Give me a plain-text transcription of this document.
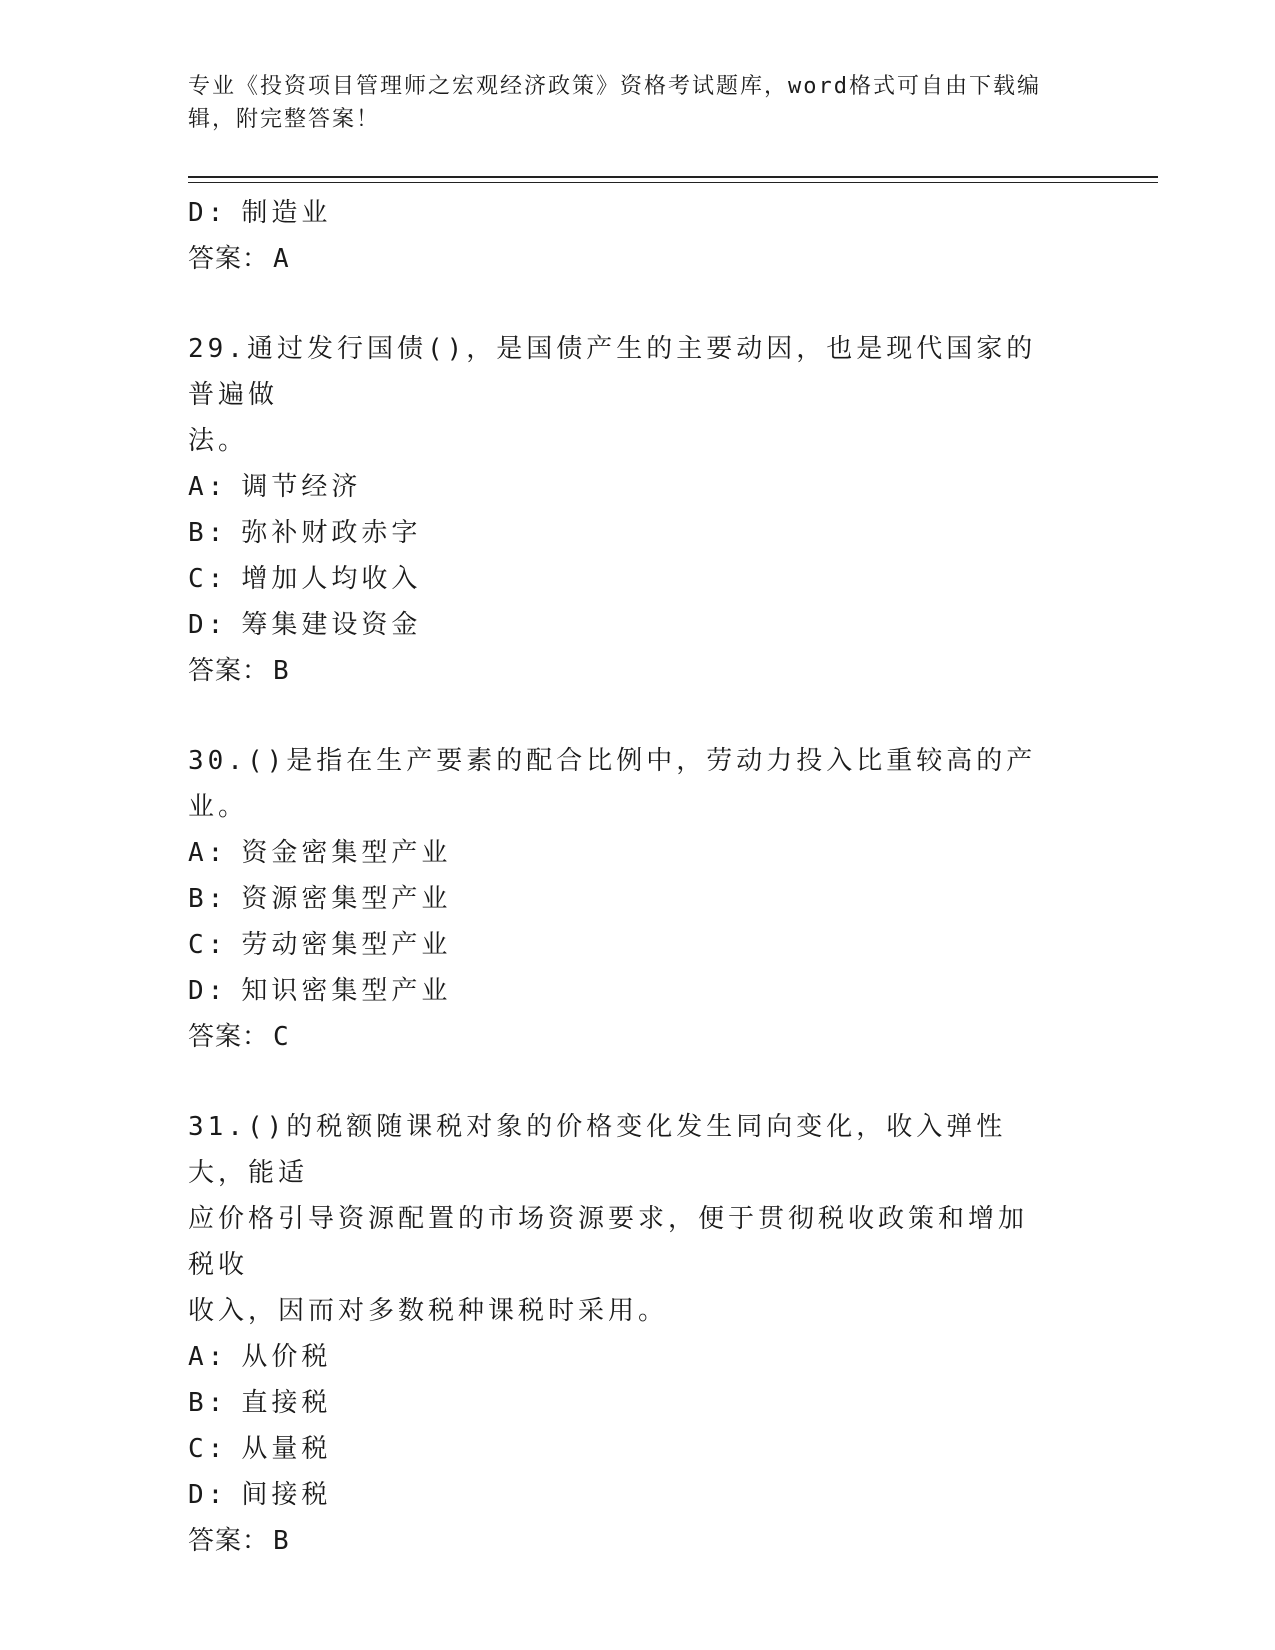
专业《投资项目管理师之宏观经济政策》资格考试题库，word格式可自由下载编
辑，附完整答案！
D: 制造业
答案： A
29.通过发行国债()，是国债产生的主要动因，也是现代国家的普遍做
法。
A: 调节经济
B: 弥补财政赤字
C: 增加人均收入
D: 筹集建设资金
答案： B
30.()是指在生产要素的配合比例中，劳动力投入比重较高的产业。
A: 资金密集型产业
B: 资源密集型产业
C: 劳动密集型产业
D: 知识密集型产业
答案： C
31.()的税额随课税对象的价格变化发生同向变化，收入弹性大，能适
应价格引导资源配置的市场资源要求，便于贯彻税收政策和增加税收
收入，因而对多数税种课税时采用。
A: 从价税
B: 直接税
C: 从量税
D: 间接税
答案： B
